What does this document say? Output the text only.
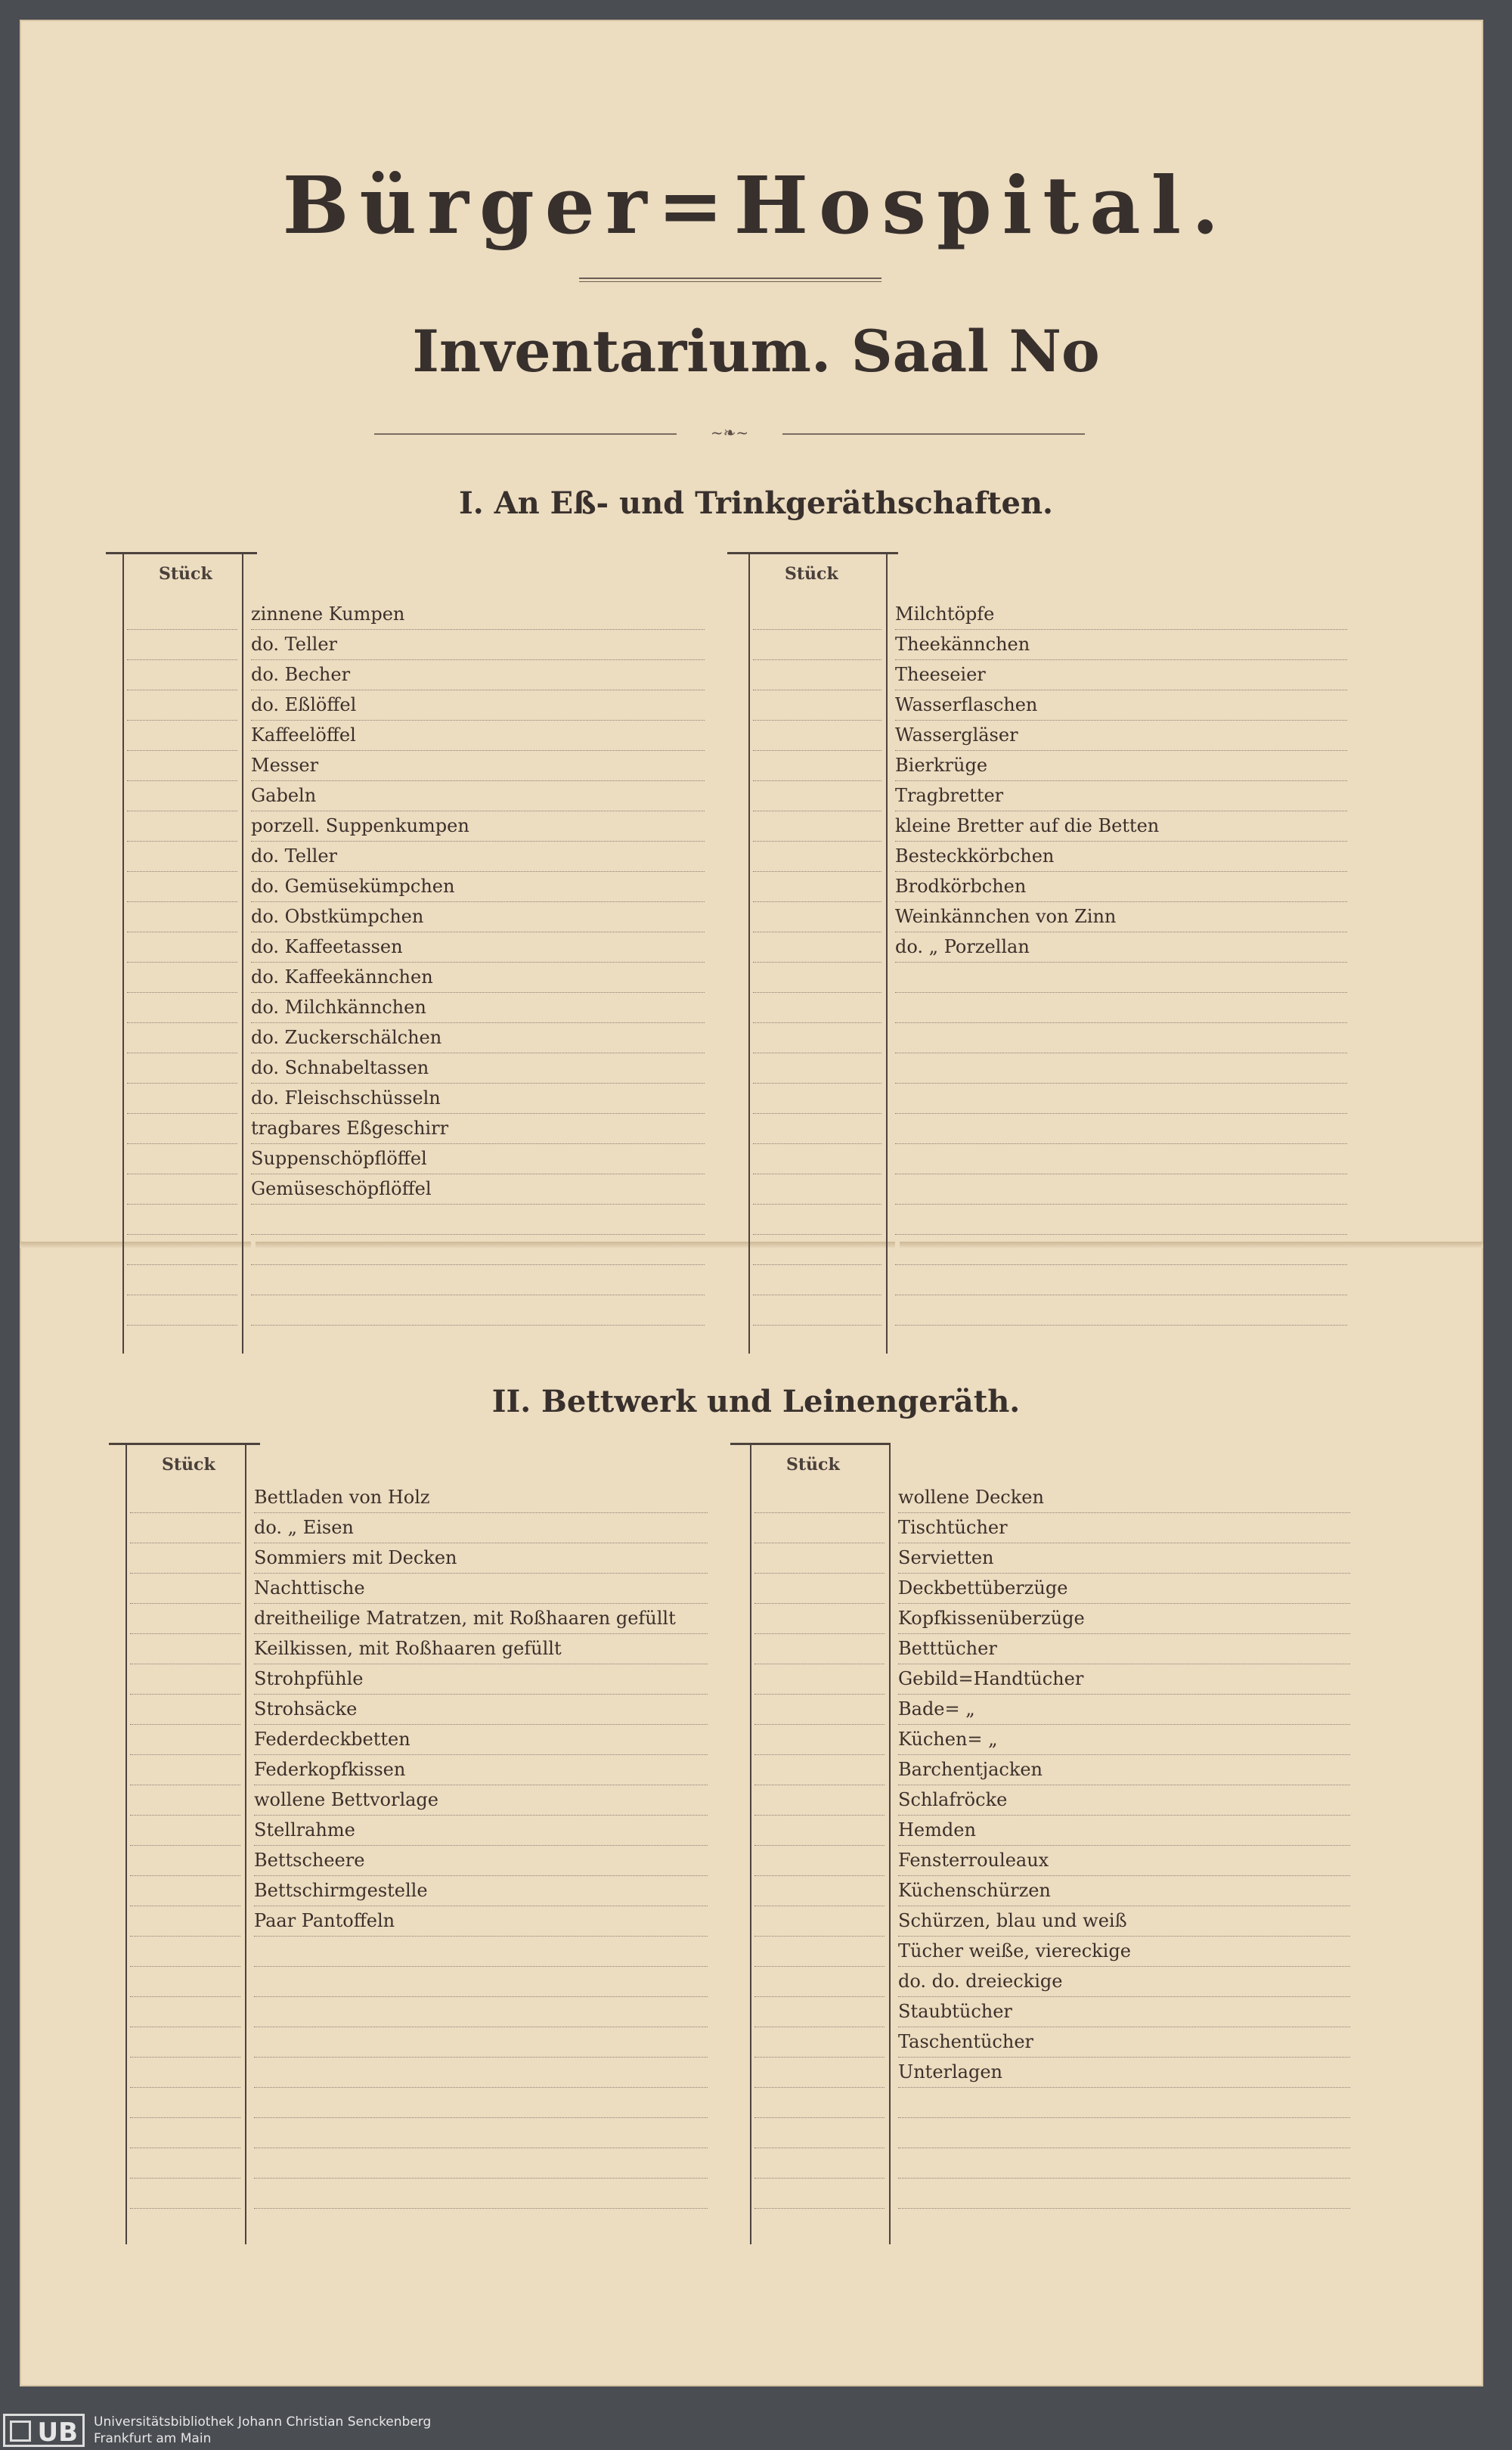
Bürger=Hospital.
Inventarium. Saal No
~❧~
I. An Eß- und Trinkgeräthschaften.
II. Bettwerk und Leinengeräth.
Stück
zinnene Kumpen
do. Teller
do. Becher
do. Eßlöffel
Kaffeelöffel
Messer
Gabeln
porzell. Suppenkumpen
do. Teller
do. Gemüsekümpchen
do. Obstkümpchen
do. Kaffeetassen
do. Kaffeekännchen
do. Milchkännchen
do. Zuckerschälchen
do. Schnabeltassen
do. Fleischschüsseln
tragbares Eßgeschirr
Suppenschöpflöffel
Gemüseschöpflöffel
Stück
Milchtöpfe
Theekännchen
Theeseier
Wasserflaschen
Wassergläser
Bierkrüge
Tragbretter
kleine Bretter auf die Betten
Besteckkörbchen
Brodkörbchen
Weinkännchen von Zinn
do. „ Porzellan
Stück
Bettladen von Holz
do. „ Eisen
Sommiers mit Decken
Nachttische
dreitheilige Matratzen, mit Roßhaaren gefüllt
Keilkissen, mit Roßhaaren gefüllt
Strohpfühle
Strohsäcke
Federdeckbetten
Federkopfkissen
wollene Bettvorlage
Stellrahme
Bettscheere
Bettschirmgestelle
Paar Pantoffeln
Stück
wollene Decken
Tischtücher
Servietten
Deckbettüberzüge
Kopfkissenüberzüge
Betttücher
Gebild=Handtücher
Bade= „
Küchen= „
Barchentjacken
Schlafröcke
Hemden
Fensterrouleaux
Küchenschürzen
Schürzen, blau und weiß
Tücher weiße, viereckige
do. do. dreieckige
Staubtücher
Taschentücher
Unterlagen
UB	Universitätsbibliothek Johann Christian Senckenberg
Frankfurt am Main
